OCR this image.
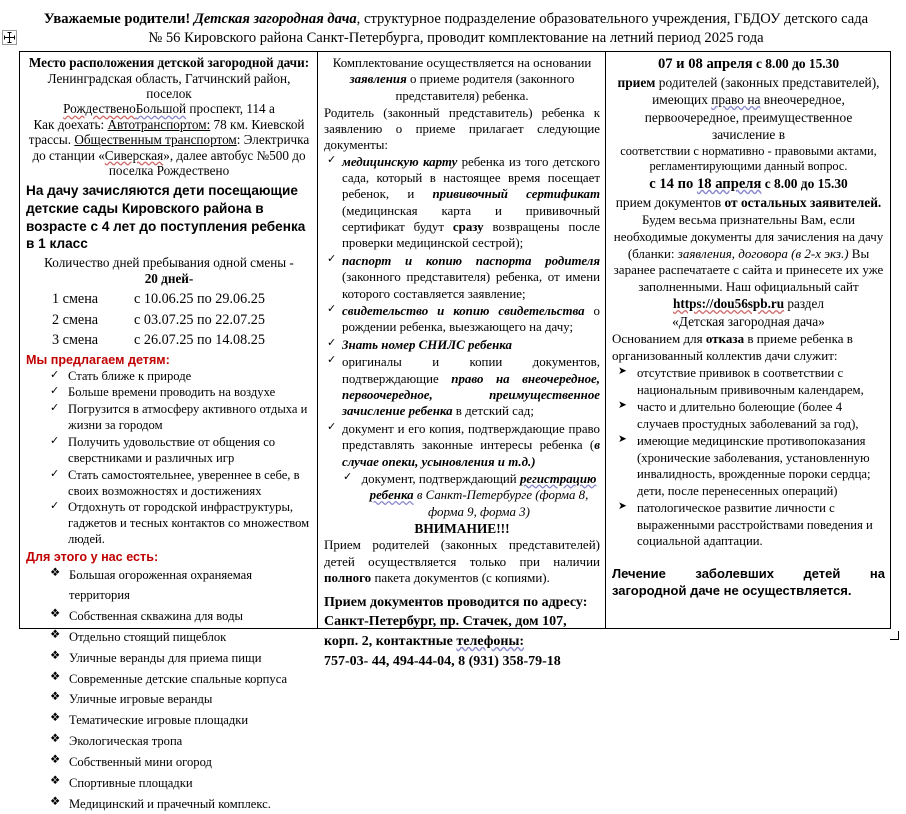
Уважаемые родители! Детская загородная дача, структурное подразделение образовательного учреждения, ГБДОУ детского сада
№ 56 Кировского района Санкт-Петербурга, проводит комплектование на летний период 2025 года
Место расположения детской загородной дачи:
Ленинградская область, Гатчинский район, поселок
РождественоБольшой проспект, 114 а
Как доехать: Автотранспортом: 78 км. Киевской трассы. Общественным транспортом: Электричка до станции «Сиверская», далее автобус №500 до поселка Рождествено
На дачу зачисляются дети посещающие детские сады Кировского района в возрасте с 4 лет до поступления ребенка в 1 класс
Количество дней пребывания одной смены -
20 дней-
1 смена	с 10.06.25 по 29.06.25
2 смена	с 03.07.25 по 22.07.25
3 смена	с 26.07.25 по 14.08.25
Мы предлагаем детям:
✓ Стать ближе к природе
✓ Больше времени проводить на воздухе
✓ Погрузится в атмосферу активного отдыха и жизни за городом
✓ Получить удовольствие от общения со сверстниками и различных игр
✓ Стать самостоятельнее, увереннее в себе, в своих возможностях и достижениях
✓ Отдохнуть от городской инфраструктуры, гаджетов и тесных контактов со множеством людей.
Для этого у нас есть:
❖ Большая огороженная охраняемая территория
❖ Собственная скважина для воды
❖ Отдельно стоящий пищеблок
❖ Уличные веранды для приема пищи
❖ Современные детские спальные корпуса
❖ Уличные игровые веранды
❖ Тематические игровые площадки
❖ Экологическая тропа
❖ Собственный мини огород
❖ Спортивные площадки
❖ Медицинский и прачечный комплекс.
Комплектование осуществляется на основании заявления о приеме родителя (законного представителя) ребенка.
Родитель (законный представитель) ребенка к заявлению о приеме прилагает следующие документы:
✓ медицинскую карту ребенка из того детского сада, который в настоящее время посещает ребенок, и прививочный сертификат (медицинская карта и прививочный сертификат будут сразу возвращены после проверки медицинской сестрой);
✓ паспорт и копию паспорта родителя (законного представителя) ребенка, от имени которого составляется заявление;
✓ свидетельство и копию свидетельства о рождении ребенка, выезжающего на дачу;
✓ Знать номер СНИЛС ребенка
✓ оригиналы и копии документов, подтверждающие право на внеочередное, первоочередное, преимущественное зачисление ребенка в детский сад;
✓ документ и его копия, подтверждающие право представлять законные интересы ребенка (в случае опеки, усыновления и т.д.)
✓ документ, подтверждающий регистрацию ребенка в Санкт-Петербурге (форма 8, форма 9, форма 3)
ВНИМАНИЕ!!!
Прием родителей (законных представителей) детей осуществляется только при наличии полного пакета документов (с копиями).
Прием документов проводится по адресу:
Санкт-Петербург, пр. Стачек, дом 107,
корп. 2, контактные телефоны:
757-03- 44, 494-44-04, 8 (931) 358-79-18
07 и 08 апреля с 8.00 до 15.30
прием родителей (законных представителей), имеющих право на внеочередное, первоочередное, преимущественное зачисление в
соответствии с нормативно - правовыми актами, регламентирующими данный вопрос.
с 14 по 18 апреля с 8.00 до 15.30
прием документов от остальных заявителей.
Будем весьма признательны Вам, если необходимые документы для зачисления на дачу (бланки: заявления, договора (в 2-х экз.) Вы заранее распечатаете с сайта и принесете их уже заполненными. Наш официальный сайт
https://dou56spb.ru раздел
«Детская загородная дача»
Основанием для отказа в приеме ребенка в организованный коллектив дачи служит:
➤ отсутствие прививок в соответствии с национальным прививочным календарем,
➤ часто и длительно болеющие (более 4 случаев простудных заболеваний за год),
➤ имеющие медицинские противопоказания (хронические заболевания, установленную инвалидность, врожденные пороки сердца; дети, после перенесенных операций)
➤ патологическое развитие личности с выраженными расстройствами поведения и социальной адаптации.
Лечение заболевших детей на загородной даче не осуществляется.
